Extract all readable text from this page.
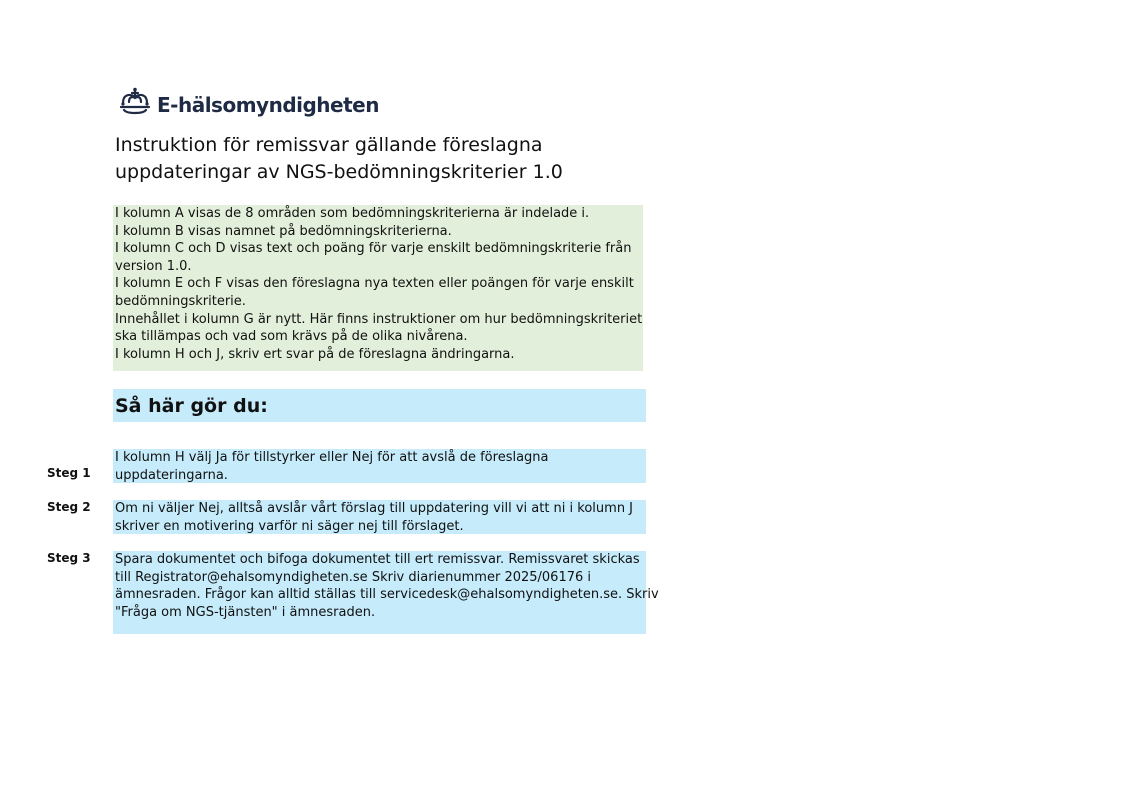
E-hälsomyndigheten
Instruktion för remissvar gällande föreslagna
uppdateringar av NGS-bedömningskriterier 1.0
I kolumn A visas de 8 områden som bedömningskriterierna är indelade i.
I kolumn B visas namnet på bedömningskriterierna.
I kolumn C och D visas text och poäng för varje enskilt bedömningskriterie från
version 1.0.
I kolumn E och F visas den föreslagna nya texten eller poängen för varje enskilt
bedömningskriterie.
Innehållet i kolumn G är nytt. Här finns instruktioner om hur bedömningskriteriet
ska tillämpas och vad som krävs på de olika nivårena.
I kolumn H och J, skriv ert svar på de föreslagna ändringarna.
Så här gör du:
Steg 1
I kolumn H välj Ja för tillstyrker eller Nej för att avslå de föreslagna
uppdateringarna.
Steg 2 Om ni väljer Nej, alltså avslår vårt förslag till uppdatering vill vi att ni i kolumn J
skriver en motivering varför ni säger nej till förslaget.
Steg 3 Spara dokumentet och bifoga dokumentet till ert remissvar. Remissvaret skickas
till Registrator@ehalsomyndigheten.se Skriv diarienummer 2025/06176 i
ämnesraden. Frågor kan alltid ställas till servicedesk@ehalsomyndigheten.se. Skriv
"Fråga om NGS-tjänsten" i ämnesraden.
